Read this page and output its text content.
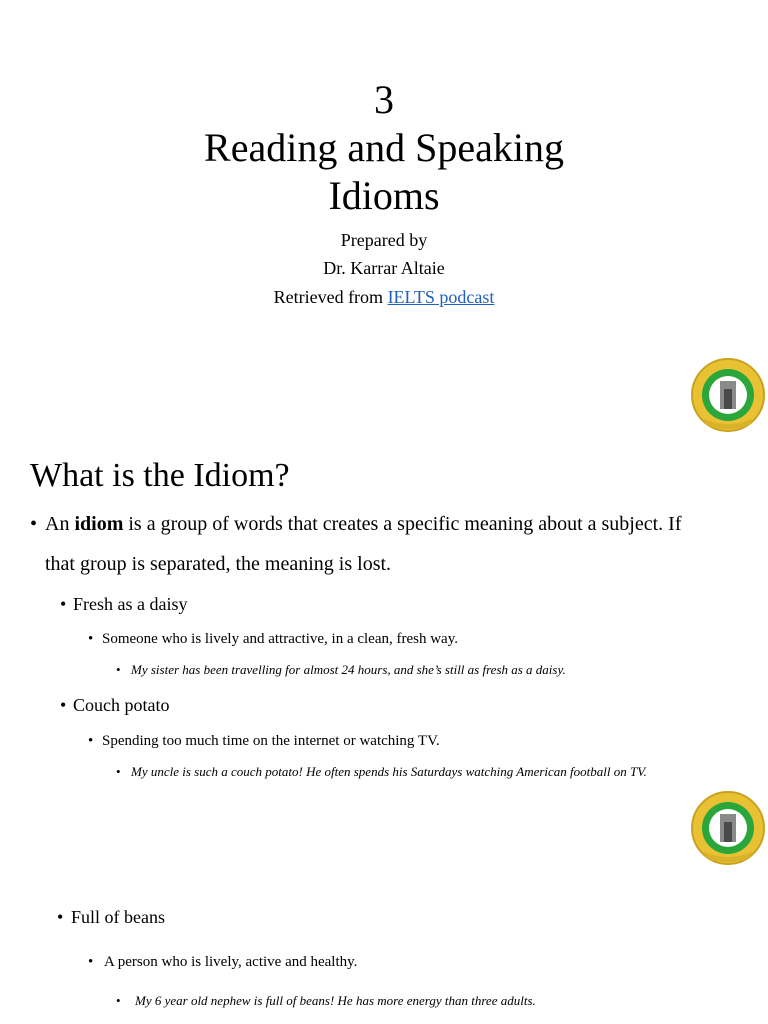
3
Reading and Speaking
Idioms
Prepared by
Dr. Karrar Altaie
Retrieved from IELTS podcast
What is the Idiom?
• An idiom is a group of words that creates a specific meaning about a subject. If
that group is separated, the meaning is lost.
• Fresh as a daisy
• Someone who is lively and attractive, in a clean, fresh way.
• My sister has been travelling for almost 24 hours, and she’s still as fresh as a daisy.
• Couch potato
• Spending too much time on the internet or watching TV.
• My uncle is such a couch potato! He often spends his Saturdays watching American football on TV.
• Full of beans
• A person who is lively, active and healthy.
• My 6 year old nephew is full of beans! He has more energy than three adults.
